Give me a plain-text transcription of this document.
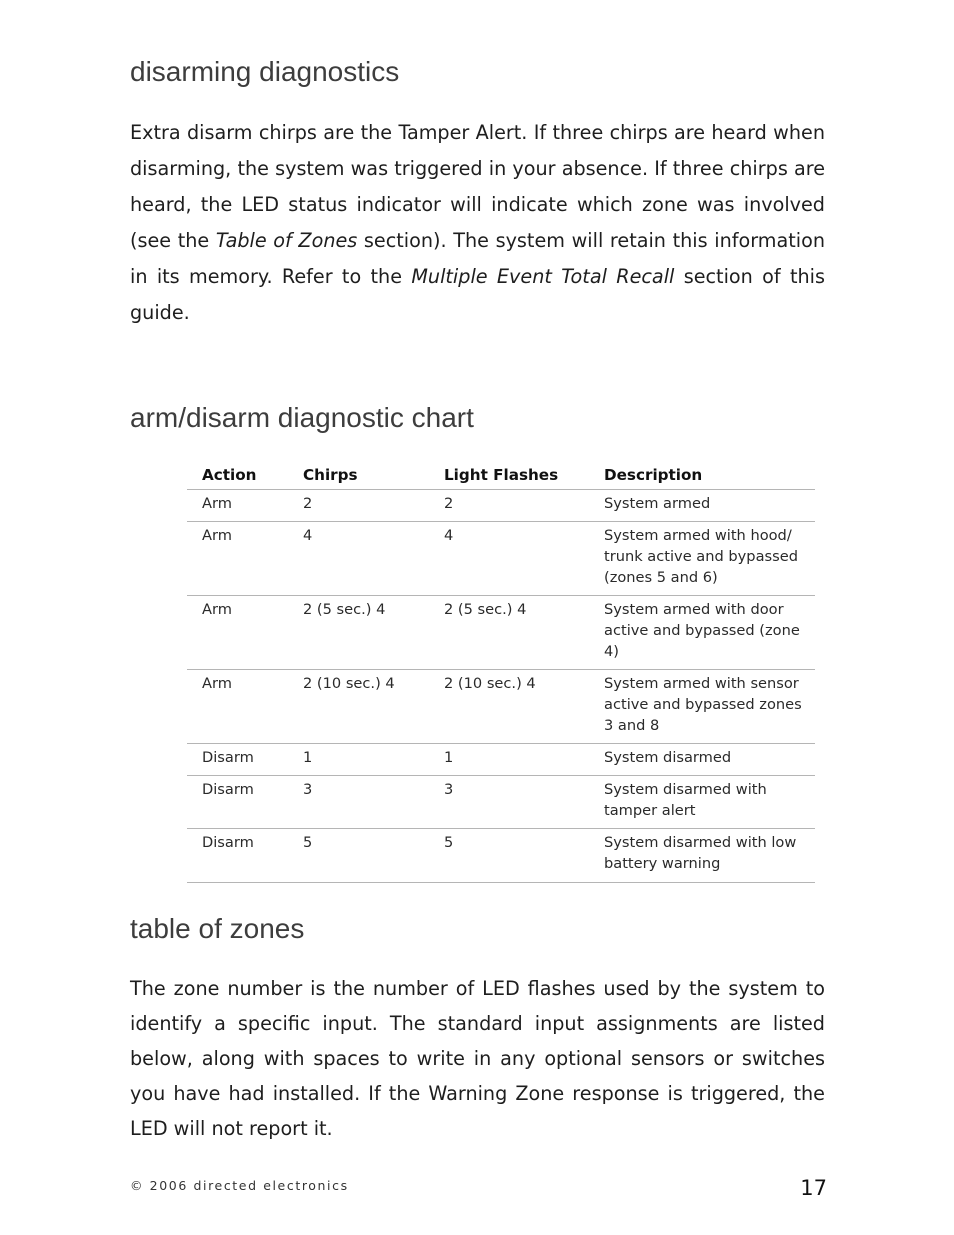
disarming diagnostics

Extra disarm chirps are the Tamper Alert. If three chirps are heard when disarming, the system was triggered in your absence. If three chirps are heard, the LED status indicator will indicate which zone was involved (see the Table of Zones section). The system will retain this information in its memory. Refer to the Multiple Event Total Recall section of this guide.

arm/disarm diagnostic chart
Action	Chirps	Light Flashes	Description
Arm	2	2	System armed
Arm	4	4	System armed with hood/ trunk active and bypassed (zones 5 and 6)
Arm	2 (5 sec.) 4	2 (5 sec.) 4	System armed with door active and bypassed (zone 4)
Arm	2 (10 sec.) 4	2 (10 sec.) 4	System armed with sensor active and bypassed zones 3 and 8
Disarm	1	1	System disarmed
Disarm	3	3	System disarmed with tamper alert
Disarm	5	5	System disarmed with low battery warning
table of zones

The zone number is the number of LED flashes used by the system to identify a specific input. The standard input assignments are listed below, along with spaces to write in any optional sensors or switches you have had installed. If the Warning Zone response is triggered, the LED will not report it.

© 2006 directed electronics	17
